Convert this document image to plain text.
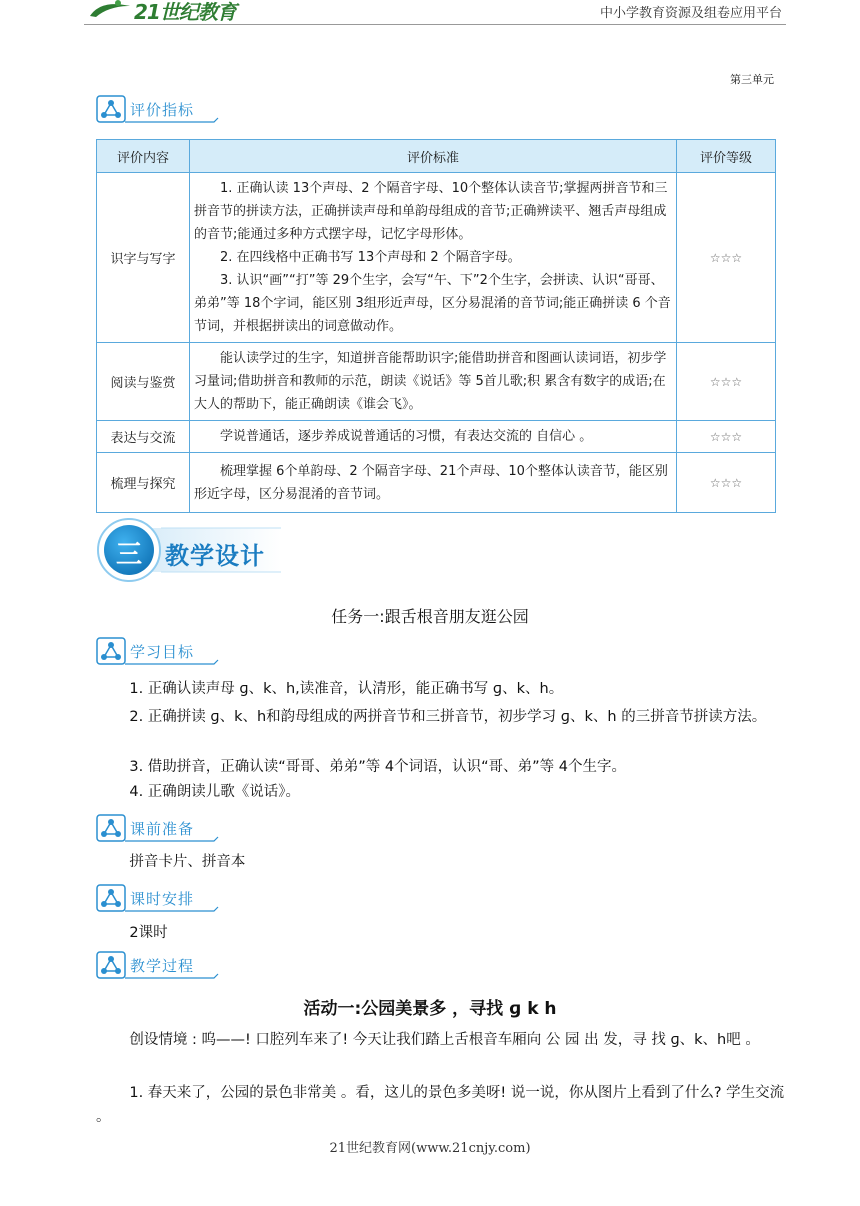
21世纪教育	中小学教育资源及组卷应用平台
第三单元
评价指标
评价内容	评价标准	评价等级
识字与写字	1. 正确认读 13个声母、2 个隔音字母、10个整体认读音节;掌握两拼音节和三 拼音节的拼读方法，正确拼读声母和单韵母组成的音节;正确辨读平、翘舌声母组成的音节;能通过多种方式摆字母，记忆字母形体。

2. 在四线格中正确书写 13个声母和 2 个隔音字母。

3. 认识“画”“打”等 29个生字，会写“午、下”2个生字，会拼读、认识“哥哥、弟弟”等 18个字词，能区别 3组形近声母，区分易混淆的音节词;能正确拼读 6 个音节词，并根据拼读出的词意做动作。	☆☆☆
阅读与鉴赏	能认读学过的生字，知道拼音能帮助识字;能借助拼音和图画认读词语，初步学习量词;借助拼音和教师的示范，朗读《说话》等 5首儿歌;积 累含有数字的成语;在大人的帮助下，能正确朗读《谁会飞》。	☆☆☆
表达与交流	学说普通话，逐步养成说普通话的习惯，有表达交流的 自信心 。	☆☆☆
梳理与探究	梳理掌握 6个单韵母、2 个隔音字母、21个声母、10个整体认读音节，能区别形近字母，区分易混淆的音节词。	☆☆☆
三 教学设计
任务一:跟舌根音朋友逛公园
学习目标
1. 正确认读声母 ɡ、k、h,读准音，认清形，能正确书写 ɡ、k、h。
2. 正确拼读 ɡ、k、h和韵母组成的两拼音节和三拼音节，初步学习 ɡ、k、h 的三拼音节拼读方法。
3. 借助拼音，正确认读“哥哥、弟弟”等 4个词语，认识“哥、弟”等 4个生字。
4. 正确朗读儿歌《说话》。
课前准备
拼音卡片、拼音本
课时安排
2课时
教学过程
活动一:公园美景多 ，寻找 ɡ k h
创设情境 : 呜——! 口腔列车来了! 今天让我们踏上舌根音车厢向 公 园 出 发，寻 找 ɡ、k、h吧 。
1. 春天来了，公园的景色非常美 。看，这儿的景色多美呀! 说一说，你从图片上看到了什么? 学生交流 。
21世纪教育网(www.21cnjy.com)
